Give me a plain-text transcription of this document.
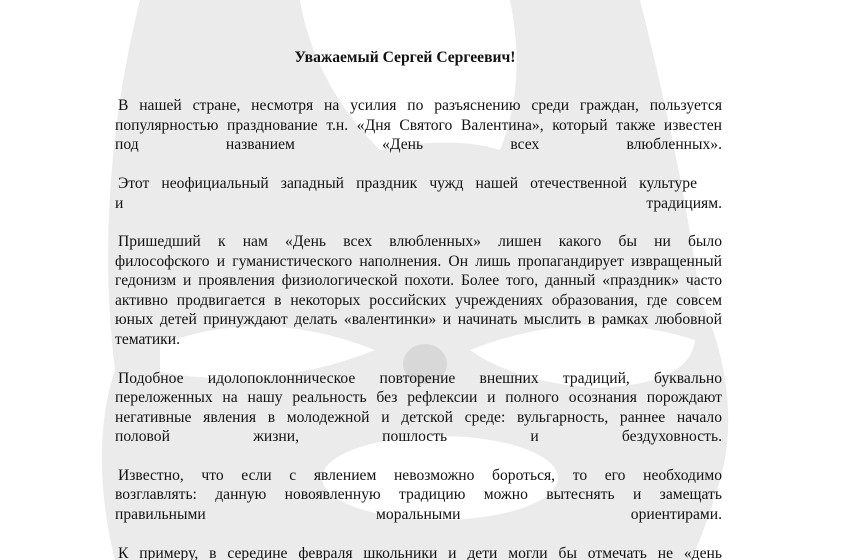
Уважаемый Сергей Сергеевич!
В нашей стране, несмотря на усилия по разъяснению среди граждан, пользуется
популярностью празднование т.н. «Дня Святого Валентина», который также известен
под названием «День всех влюбленных».
Этот неофициальный западный праздник чужд нашей отечественной культуре
и традициям.
Пришедший к нам «День всех влюбленных» лишен какого бы ни было
философского и гуманистического наполнения. Он лишь пропагандирует извращенный
гедонизм и проявления физиологической похоти. Более того, данный «праздник» часто
активно продвигается в некоторых российских учреждениях образования, где совсем
юных детей принуждают делать «валентинки» и начинать мыслить в рамках любовной
тематики.
Подобное идолопоклонническое повторение внешних традиций, буквально
переложенных на нашу реальность без рефлексии и полного осознания порождают
негативные явления в молодежной и детской среде: вульгарность, раннее начало
половой жизни, пошлость и бездуховность.
Известно, что если с явлением невозможно бороться, то его необходимо
возглавлять: данную новоявленную традицию можно вытеснять и замещать
правильными моральными ориентирами.
К примеру, в середине февраля школьники и дети могли бы отмечать не «день
